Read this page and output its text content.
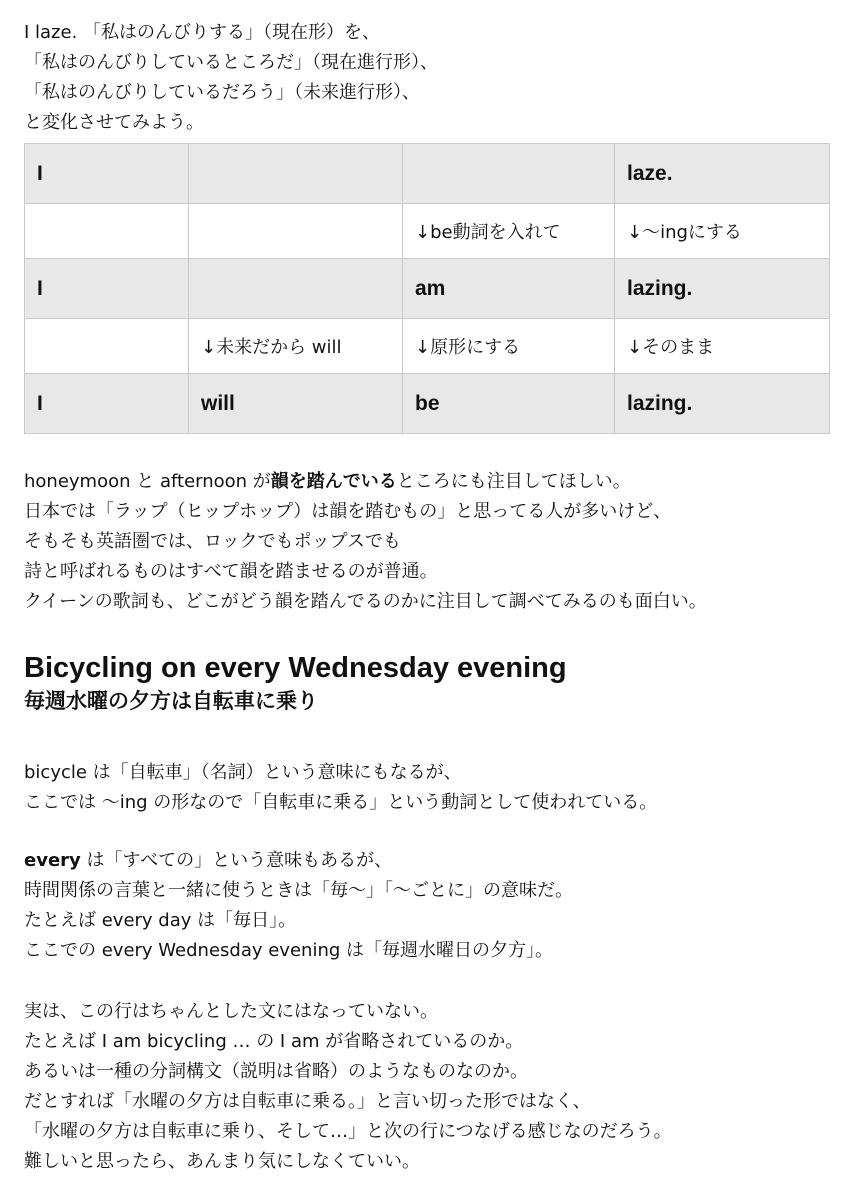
I laze. 「私はのんびりする」（現在形）を、
「私はのんびりしているところだ」（現在進行形）、
「私はのんびりしているだろう」（未来進行形）、
と変化させてみよう。
I			laze.
		↓be動詞を入れて	↓～ingにする
I		am	lazing.
	↓未来だから will	↓原形にする	↓そのまま
I	will	be	lazing.
honeymoon と afternoon が韻を踏んでいるところにも注目してほしい。
日本では「ラップ（ヒップホップ）は韻を踏むもの」と思ってる人が多いけど、
そもそも英語圏では、ロックでもポップスでも
詩と呼ばれるものはすべて韻を踏ませるのが普通。
クイーンの歌詞も、どこがどう韻を踏んでるのかに注目して調べてみるのも面白い。
Bicycling on every Wednesday evening
毎週水曜の夕方は自転車に乗り
bicycle は「自転車」（名詞）という意味にもなるが、
ここでは ～ing の形なので「自転車に乗る」という動詞として使われている。
every は「すべての」という意味もあるが、
時間関係の言葉と一緒に使うときは「毎～」「～ごとに」の意味だ。
たとえば every day は「毎日」。
ここでの every Wednesday evening は「毎週水曜日の夕方」。
実は、この行はちゃんとした文にはなっていない。
たとえば I am bicycling … の I am が省略されているのか。
あるいは一種の分詞構文（説明は省略）のようなものなのか。
だとすれば「水曜の夕方は自転車に乗る。」と言い切った形ではなく、
「水曜の夕方は自転車に乗り、そして…」と次の行につなげる感じなのだろう。
難しいと思ったら、あんまり気にしなくていい。
